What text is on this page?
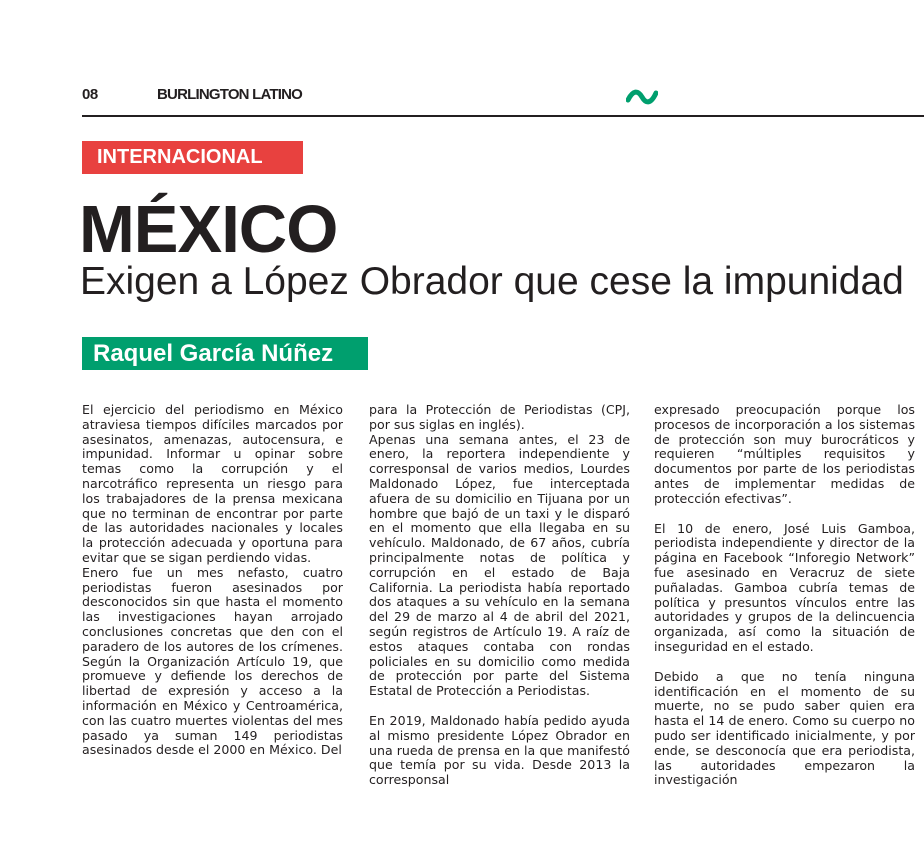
08	BURLINGTON LATINO
INTERNACIONAL
MÉXICO
Exigen a López Obrador que cese la impunidad
Raquel García Núñez

El ejercicio del periodismo en México atraviesa tiempos difíciles marcados por asesinatos, amenazas, autocensura, e impunidad. Informar u opinar sobre temas como la corrupción y el narcotráfico representa un riesgo para los trabajadores de la prensa mexicana que no terminan de encontrar por parte de las autoridades nacionales y locales la protección adecuada y oportuna para evitar que se sigan perdiendo vidas.

Enero fue un mes nefasto, cuatro periodistas fueron asesinados por desconocidos sin que hasta el momento las investigaciones hayan arrojado conclusiones concretas que den con el paradero de los autores de los crímenes. Según la Organización Artículo 19, que promueve y defiende los derechos de libertad de expresión y acceso a la información en México y Centroamérica, con las cuatro muertes violentas del mes pasado ya suman 149 periodistas asesinados desde el 2000 en México. Del

para la Protección de Periodistas (CPJ, por sus siglas en inglés).

Apenas una semana antes, el 23 de enero, la reportera independiente y corresponsal de varios medios, Lourdes Maldonado López, fue interceptada afuera de su domicilio en Tijuana por un hombre que bajó de un taxi y le disparó en el momento que ella llegaba en su vehículo. Maldonado, de 67 años, cubría principalmente notas de política y corrupción en el estado de Baja California. La periodista había reportado dos ataques a su vehículo en la semana del 29 de marzo al 4 de abril del 2021, según registros de Artículo 19. A raíz de estos ataques contaba con rondas policiales en su domicilio como medida de protección por parte del Sistema Estatal de Protección a Periodistas.

En 2019, Maldonado había pedido ayuda al mismo presidente López Obrador en una rueda de prensa en la que manifestó que temía por su vida. Desde 2013 la corresponsal

expresado preocupación porque los procesos de incorporación a los sistemas de protección son muy burocráticos y requieren “múltiples requisitos y documentos por parte de los periodistas antes de implementar medidas de protección efectivas”.

El 10 de enero, José Luis Gamboa, periodista independiente y director de la página en Facebook “Inforegio Network” fue asesinado en Veracruz de siete puñaladas. Gamboa cubría temas de política y presuntos vínculos entre las autoridades y grupos de la delincuencia organizada, así como la situación de inseguridad en el estado.

Debido a que no tenía ninguna identificación en el momento de su muerte, no se pudo saber quien era hasta el 14 de enero. Como su cuerpo no pudo ser identificado inicialmente, y por ende, se desconocía que era periodista, las autoridades empezaron la investigación
